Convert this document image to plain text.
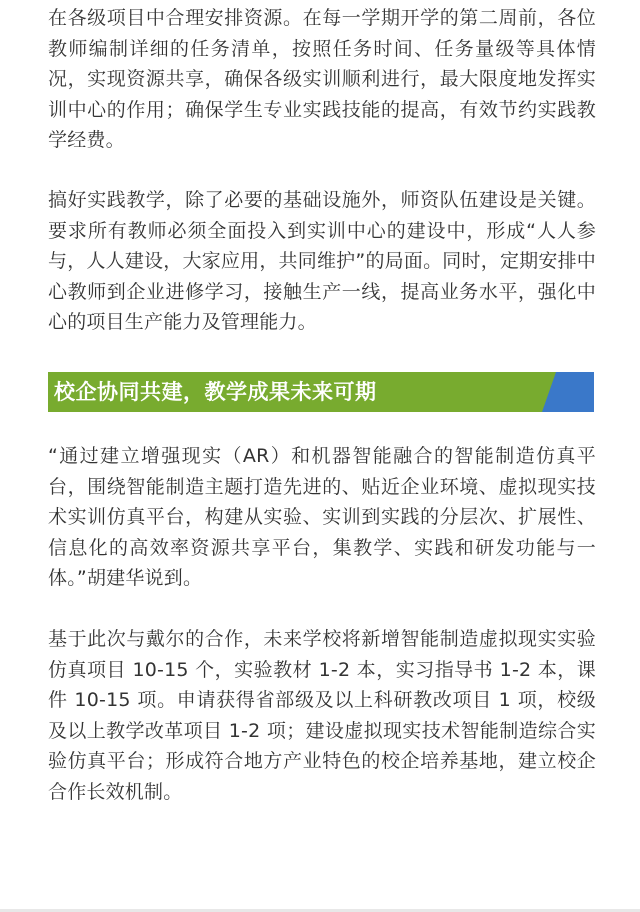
在各级项目中合理安排资源。在每一学期开学的第二周前，各位教师编制详细的任务清单，按照任务时间、任务量级等具体情况，实现资源共享，确保各级实训顺利进行，最大限度地发挥实训中心的作用；确保学生专业实践技能的提高，有效节约实践教学经费。

搞好实践教学，除了必要的基础设施外，师资队伍建设是关键。要求所有教师必须全面投入到实训中心的建设中，形成“人人参与，人人建设，大家应用，共同维护”的局面。同时，定期安排中心教师到企业进修学习，接触生产一线，提高业务水平，强化中心的项目生产能力及管理能力。

“通过建立增强现实（AR）和机器智能融合的智能制造仿真平台，围绕智能制造主题打造先进的、贴近企业环境、虚拟现实技术实训仿真平台，构建从实验、实训到实践的分层次、扩展性、信息化的高效率资源共享平台，集教学、实践和研发功能与一体。”胡建华说到。

基于此次与戴尔的合作，未来学校将新增智能制造虚拟现实实验仿真项目 10-15 个，实验教材 1-2 本，实习指导书 1-2 本，课件 10-15 项。申请获得省部级及以上科研教改项目 1 项，校级及以上教学改革项目 1-2 项；建设虚拟现实技术智能制造综合实验仿真平台；形成符合地方产业特色的校企培养基地，建立校企合作长效机制。

校企协同共建，教学成果未来可期
